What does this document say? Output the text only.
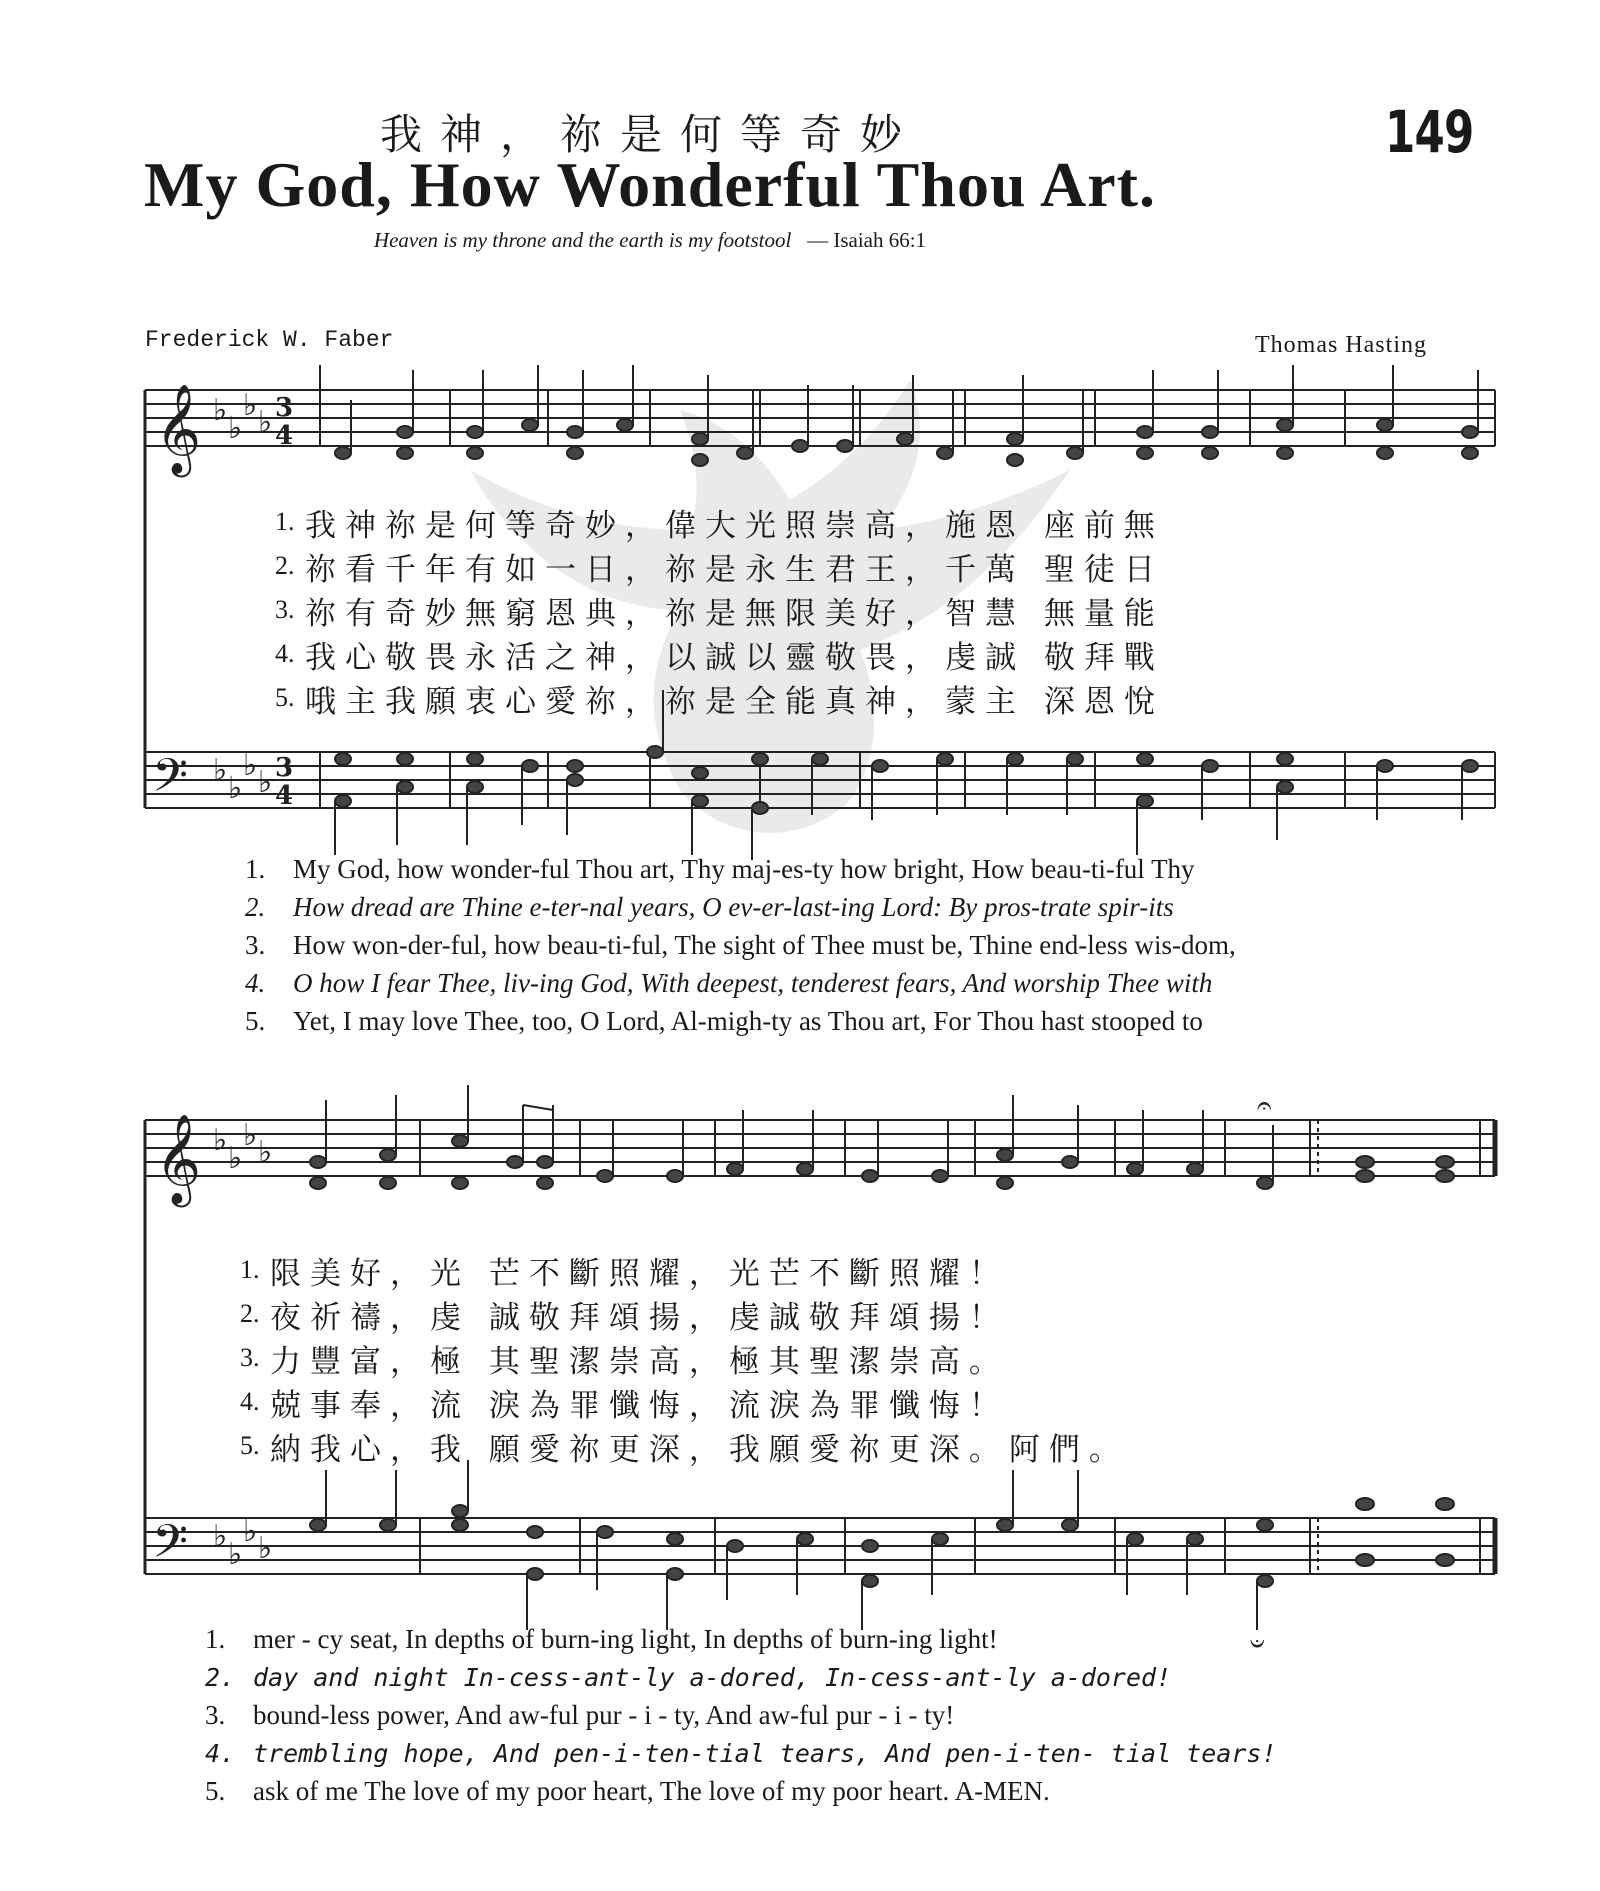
我神，祢是何等奇妙	149
My God, How Wonderful Thou Art.
Heaven is my throne and the earth is my footstool — Isaiah 66:1
Frederick W. Faber	Thomas Hasting
𝄞
𝄢
♭
♭
♭ ♭
♭
♭
♭ ♭
3
4
3
4
𝄞
𝄢
♭
♭
♭ ♭
♭
♭
♭ ♭
𝄐
𝄑
1. 我神祢是何等奇妙，偉大光照崇高，施恩 座前無
2. 祢看千年有如一日，祢是永生君王，千萬 聖徒日
3. 祢有奇妙無窮恩典，祢是無限美好，智慧 無量能
4. 我心敬畏永活之神，以誠以靈敬畏，虔誠 敬拜戰
5. 哦主我願衷心愛祢，祢是全能真神，蒙主 深恩悅
1.	My God, how wonder-ful Thou art, Thy maj-es-ty how bright, How beau-ti-ful Thy
2.	How dread are Thine e-ter-nal years, O ev-er-last-ing Lord: By pros-trate spir-its
3.	How won-der-ful, how beau-ti-ful, The sight of Thee must be, Thine end-less wis-dom,
4.	O how I fear Thee, liv-ing God, With deepest, tenderest fears, And worship Thee with
5.	Yet, I may love Thee, too, O Lord, Al-migh-ty as Thou art, For Thou hast stooped to
1. 限美好，光 芒不斷照耀，光芒不斷照耀！
2. 夜祈禱，虔 誠敬拜頌揚，虔誠敬拜頌揚！
3. 力豐富，極 其聖潔崇高，極其聖潔崇高。
4. 兢事奉，流 淚為罪懺悔，流淚為罪懺悔！
5. 納我心，我 願愛祢更深，我願愛祢更深。阿們。
1.	mer - cy seat, In depths of burn-ing light, In depths of burn-ing light!
2. day and night In-cess-ant-ly a-dored, In-cess-ant-ly a-dored!
3.	bound-less power, And aw-ful pur - i - ty, And aw-ful pur - i - ty!
4. trembling hope, And pen-i-ten-tial tears, And pen-i-ten- tial tears!
5.	ask of me The love of my poor heart, The love of my poor heart. A-MEN.
